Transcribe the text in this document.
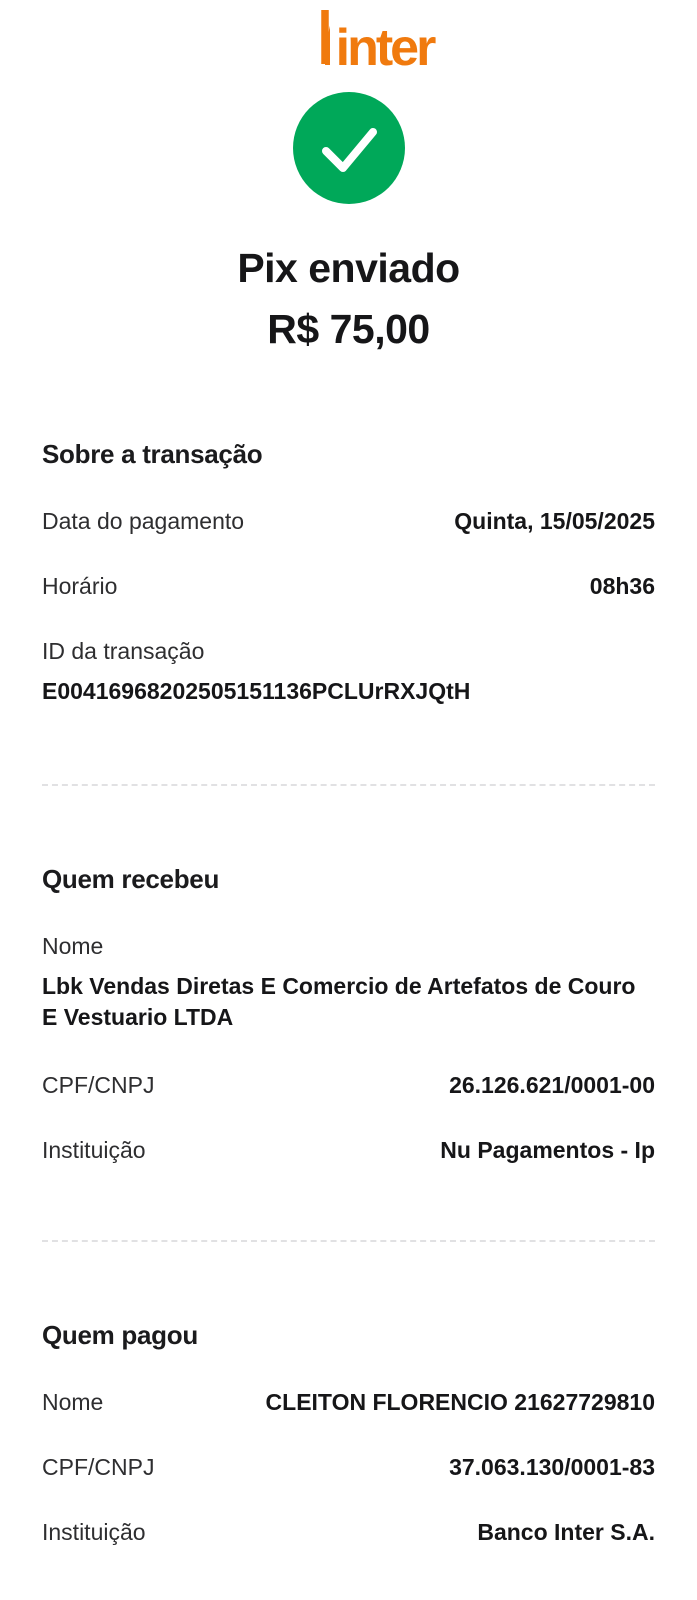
inter
Pix enviado
R$ 75,00
Sobre a transação
Data do pagamento	Quinta, 15/05/2025
Horário	08h36
ID da transação
E00416968202505151136PCLUrRXJQtH
Quem recebeu
Nome
Lbk Vendas Diretas E Comercio de Artefatos de Couro E Vestuario LTDA
CPF/CNPJ	26.126.621/0001-00
Instituição	Nu Pagamentos - Ip
Quem pagou
Nome	CLEITON FLORENCIO 21627729810
CPF/CNPJ	37.063.130/0001-83
Instituição	Banco Inter S.A.
